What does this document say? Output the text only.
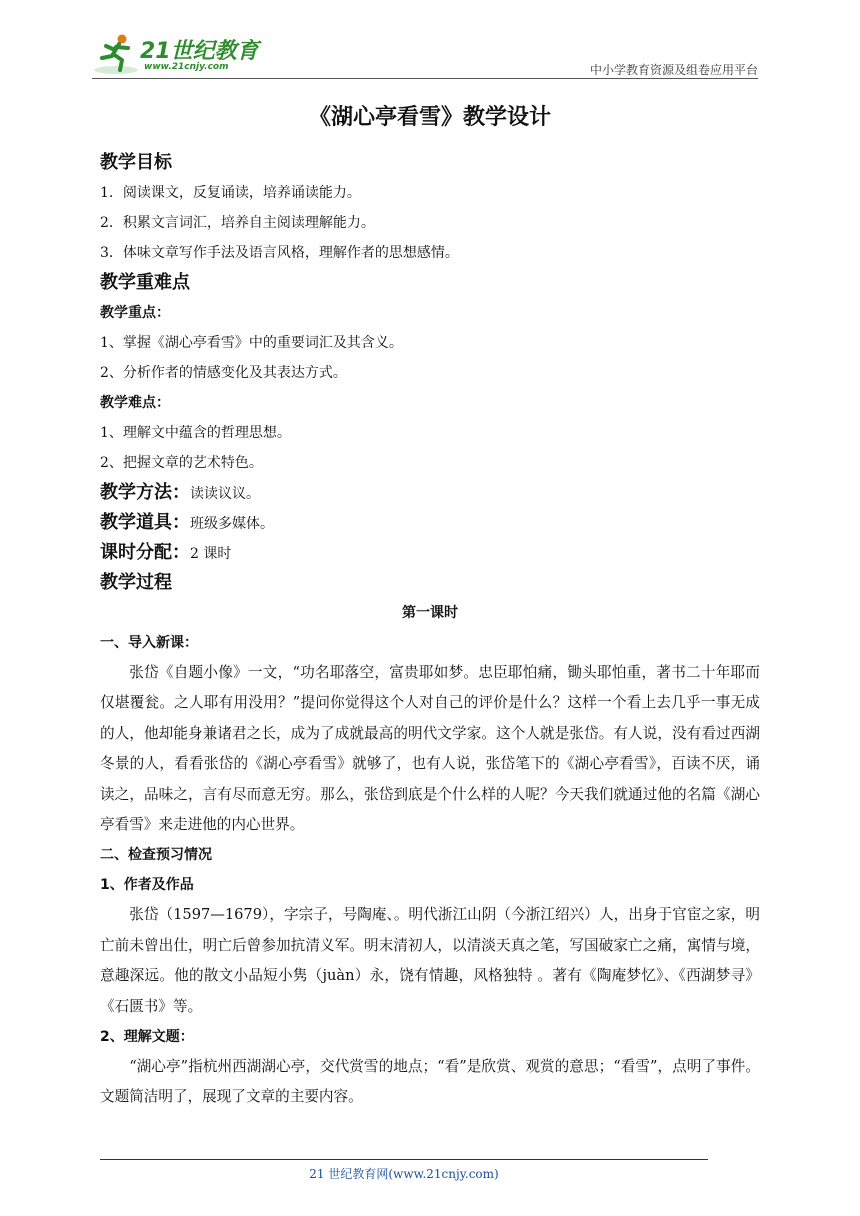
21世纪教育
www.21cnjy.com	中小学教育资源及组卷应用平台
《湖心亭看雪》教学设计
教学目标
1．阅读课文，反复诵读，培养诵读能力。
2．积累文言词汇，培养自主阅读理解能力。
3．体味文章写作手法及语言风格，理解作者的思想感情。
教学重难点
教学重点：
1、掌握《湖心亭看雪》中的重要词汇及其含义。
2、分析作者的情感变化及其表达方式。
教学难点：
1、理解文中蕴含的哲理思想。
2、把握文章的艺术特色。
教学方法：读读议议。
教学道具：班级多媒体。
课时分配：2 课时
教学过程
第一课时
一、导入新课：

张岱《自题小像》一文，“功名耶落空，富贵耶如梦。忠臣耶怕痛，锄头耶怕重，著书二十年耶而仅堪覆瓮。之人耶有用没用？”提问你觉得这个人对自己的评价是什么？这样一个看上去几乎一事无成的人，他却能身兼诸君之长，成为了成就最高的明代文学家。这个人就是张岱。有人说，没有看过西湖冬景的人，看看张岱的《湖心亭看雪》就够了，也有人说，张岱笔下的《湖心亭看雪》，百读不厌，诵读之，品味之，言有尽而意无穷。那么，张岱到底是个什么样的人呢？今天我们就通过他的名篇《湖心亭看雪》来走进他的内心世界。

二、检查预习情况
1、作者及作品

张岱（1597—1679），字宗子，号陶庵、。明代浙江山阴（今浙江绍兴）人，出身于官宦之家，明亡前未曾出仕，明亡后曾参加抗清义军。明末清初人，以清淡天真之笔，写国破家亡之痛，寓情与境，意趣深远。他的散文小品短小隽（juàn）永，饶有情趣，风格独特 。著有《陶庵梦忆》、《西湖梦寻》《石匮书》等。

2、理解文题：

“湖心亭”指杭州西湖湖心亭，交代赏雪的地点；“看”是欣赏、观赏的意思；“看雪”，点明了事件。文题简洁明了，展现了文章的主要内容。

21 世纪教育网(www.21cnjy.com)
